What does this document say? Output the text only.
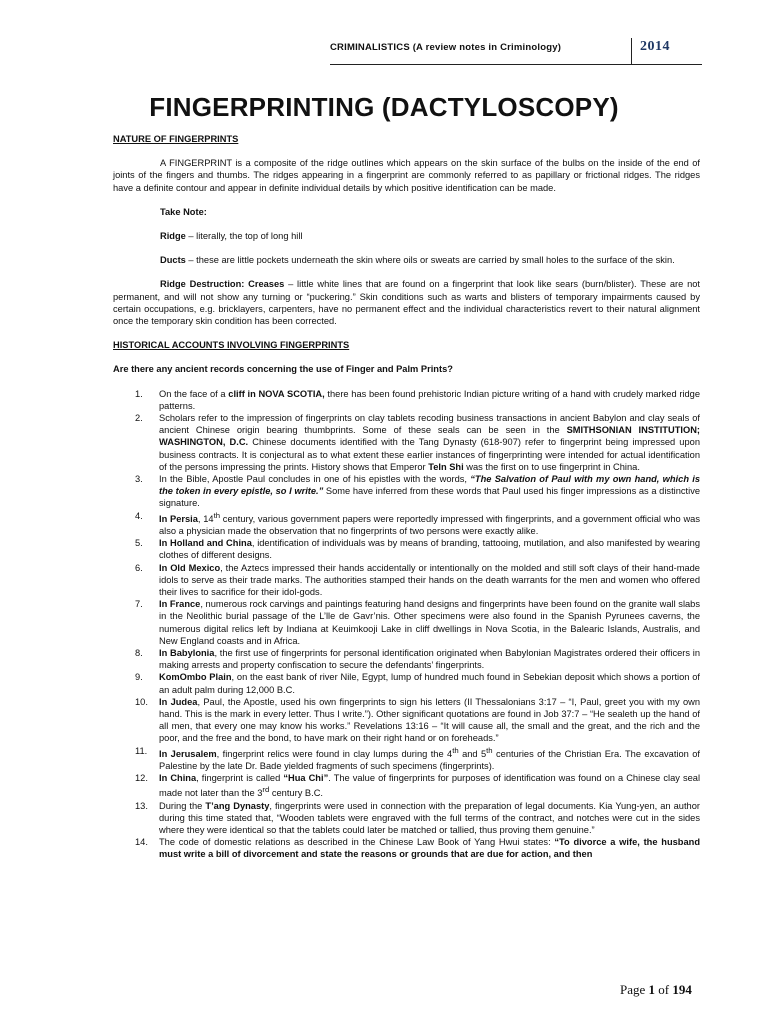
CRIMINALISTICS (A review notes in Criminology)	2014
FINGERPRINTING (DACTYLOSCOPY)

NATURE OF FINGERPRINTS

A FINGERPRINT is a composite of the ridge outlines which appears on the skin surface of the bulbs on the inside of the end of joints of the fingers and thumbs. The ridges appearing in a fingerprint are commonly referred to as papillary or frictional ridges. The ridges have a definite contour and appear in definite individual details by which positive identification can be made.

Take Note:

Ridge – literally, the top of long hill

Ducts – these are little pockets underneath the skin where oils or sweats are carried by small holes to the surface of the skin.

Ridge Destruction: Creases – little white lines that are found on a fingerprint that look like sears (burn/blister). These are not permanent, and will not show any turning or “puckering.” Skin conditions such as warts and blisters of temporary impairments caused by certain occupations, e.g. bricklayers, carpenters, have no permanent effect and the individual characteristics revert to their natural alignment once the temporary skin condition has been corrected.

HISTORICAL ACCOUNTS INVOLVING FINGERPRINTS

Are there any ancient records concerning the use of Finger and Palm Prints?

1. On the face of a cliff in NOVA SCOTIA, there has been found prehistoric Indian picture writing of a hand with crudely marked ridge patterns.
2. Scholars refer to the impression of fingerprints on clay tablets recoding business transactions in ancient Babylon and clay seals of ancient Chinese origin bearing thumbprints. Some of these seals can be seen in the SMITHSONIAN INSTITUTION; WASHINGTON, D.C. Chinese documents identified with the Tang Dynasty (618-907) refer to fingerprint being impressed upon business contracts. It is conjectural as to what extent these earlier instances of fingerprinting were intended for actual identification of the persons impressing the prints. History shows that Emperor TeIn Shi was the first on to use fingerprint in China.
3. In the Bible, Apostle Paul concludes in one of his epistles with the words, “The Salvation of Paul with my own hand, which is the token in every epistle, so I write.” Some have inferred from these words that Paul used his finger impressions as a distinctive signature.
4. In Persia, 14th century, various government papers were reportedly impressed with fingerprints, and a government official who was also a physician made the observation that no fingerprints of two persons were exactly alike.
5. In Holland and China, identification of individuals was by means of branding, tattooing, mutilation, and also manifested by wearing clothes of different designs.
6. In Old Mexico, the Aztecs impressed their hands accidentally or intentionally on the molded and still soft clays of their hand-made idols to serve as their trade marks. The authorities stamped their hands on the death warrants for the men and women who offered their lives to sacrifice for their idol-gods.
7. In France, numerous rock carvings and paintings featuring hand designs and fingerprints have been found on the granite wall slabs in the Neolithic burial passage of the L’lle de Gavr’nis. Other specimens were also found in the Spanish Pyrunees caverns, the numerous digital relics left by Indiana at Keuimkooji Lake in cliff dwellings in Nova Scotia, in the Balearic Islands, Australis, and New England coasts and in Africa.
8. In Babylonia, the first use of fingerprints for personal identification originated when Babylonian Magistrates ordered their officers in making arrests and property confiscation to secure the defendants’ fingerprints.
9. KomOmbo Plain, on the east bank of river Nile, Egypt, lump of hundred much found in Sebekian deposit which shows a portion of an adult palm during 12,000 B.C.
10. In Judea, Paul, the Apostle, used his own fingerprints to sign his letters (II Thessalonians 3:17 – “I, Paul, greet you with my own hand. This is the mark in every letter. Thus I write.”). Other significant quotations are found in Job 37:7 – “He sealeth up the hand of all men, that every one may know his works.” Revelations 13:16 – “It will cause all, the small and the great, and the rich and the poor, and the free and the bond, to have mark on their right hand or on foreheads.”
11. In Jerusalem, fingerprint relics were found in clay lumps during the 4th and 5th centuries of the Christian Era. The excavation of Palestine by the late Dr. Bade yielded fragments of such specimens (fingerprints).
12. In China, fingerprint is called “Hua Chi”. The value of fingerprints for purposes of identification was found on a Chinese clay seal made not later than the 3rd century B.C.
13. During the T’ang Dynasty, fingerprints were used in connection with the preparation of legal documents. Kia Yung-yen, an author during this time stated that, “Wooden tablets were engraved with the full terms of the contract, and notches were cut in the sides where they were identical so that the tablets could later be matched or tallied, thus proving them genuine.”
14. The code of domestic relations as described in the Chinese Law Book of Yang Hwui states: “To divorce a wife, the husband must write a bill of divorcement and state the reasons or grounds that are due for action, and then
Page 1 of 194
